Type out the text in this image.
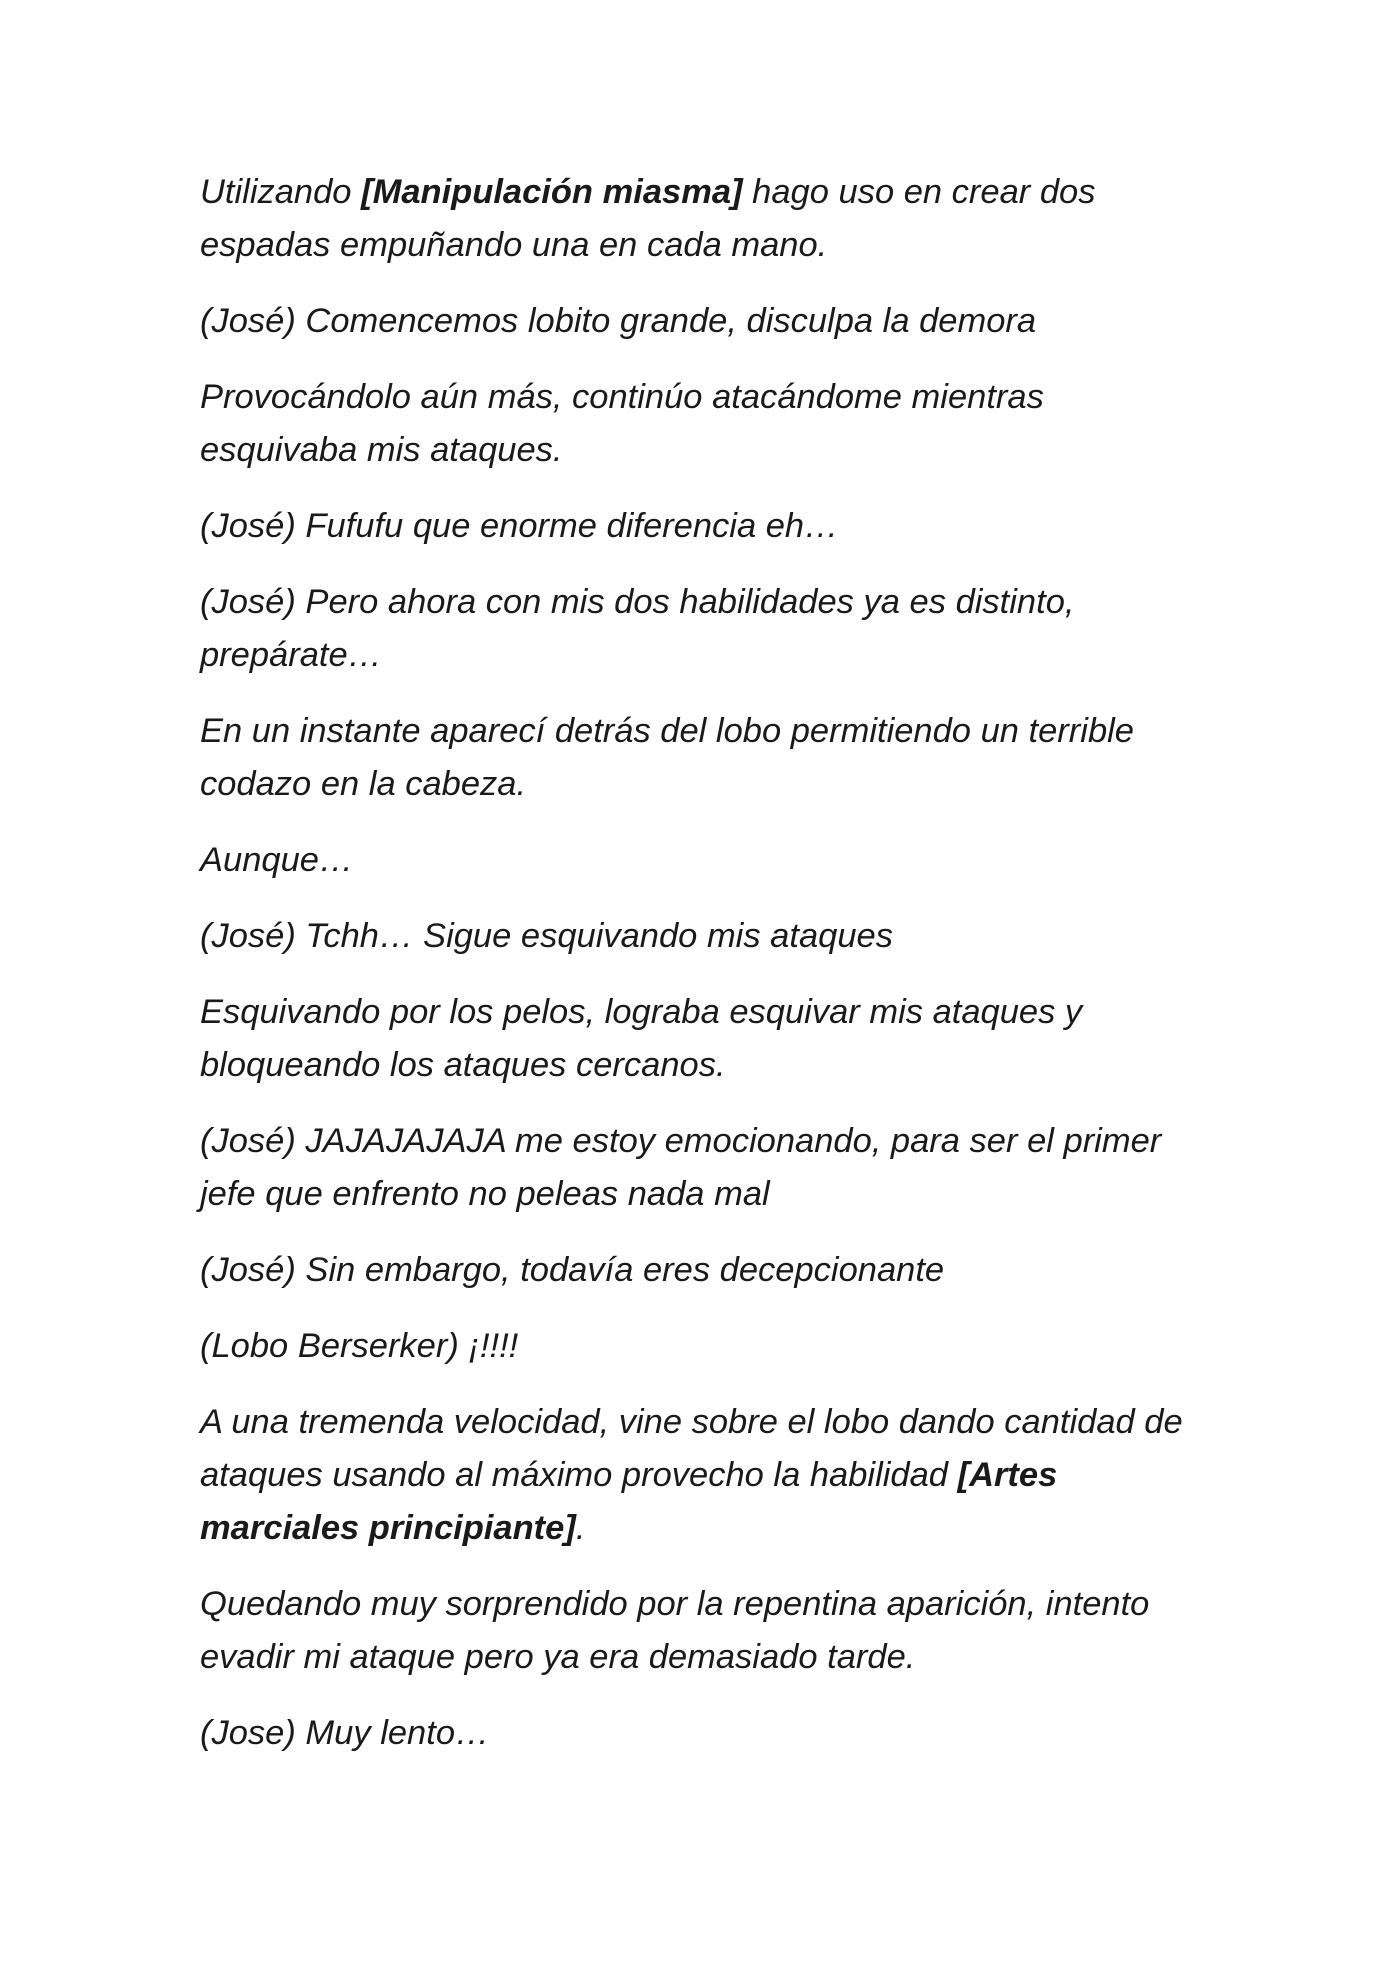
Utilizando [Manipulación miasma] hago uso en crear dos espadas empuñando una en cada mano.

(José) Comencemos lobito grande, disculpa la demora

Provocándolo aún más, continúo atacándome mientras esquivaba mis ataques.

(José) Fufufu que enorme diferencia eh…

(José) Pero ahora con mis dos habilidades ya es distinto, prepárate…

En un instante aparecí detrás del lobo permitiendo un terrible codazo en la cabeza.

Aunque…

(José) Tchh… Sigue esquivando mis ataques

Esquivando por los pelos, lograba esquivar mis ataques y bloqueando los ataques cercanos.

(José) JAJAJAJAJA me estoy emocionando, para ser el primer jefe que enfrento no peleas nada mal

(José) Sin embargo, todavía eres decepcionante

(Lobo Berserker) ¡!!!!

A una tremenda velocidad, vine sobre el lobo dando cantidad de ataques usando al máximo provecho la habilidad [Artes marciales principiante].

Quedando muy sorprendido por la repentina aparición, intento evadir mi ataque pero ya era demasiado tarde.

(Jose) Muy lento…
